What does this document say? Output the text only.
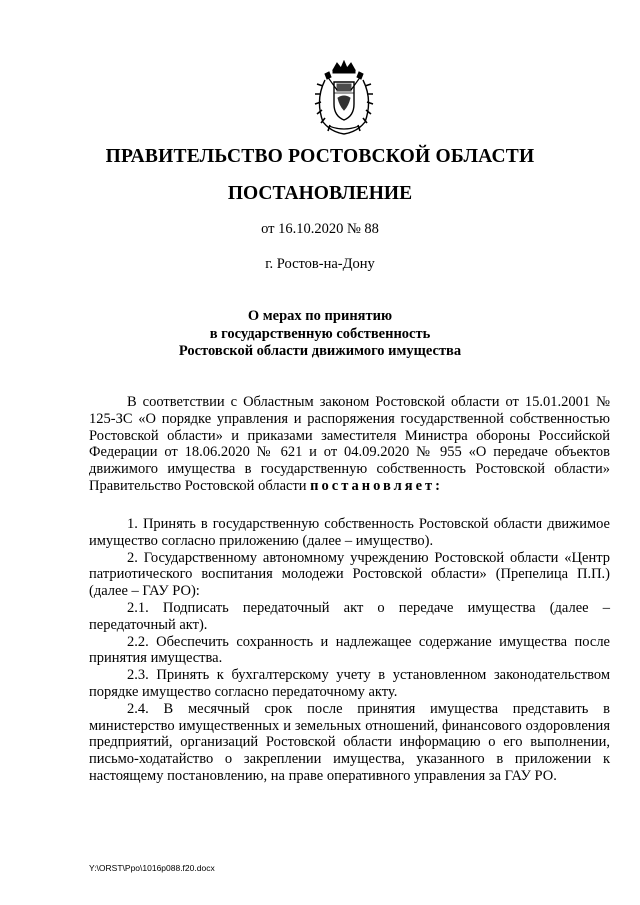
ПРАВИТЕЛЬСТВО РОСТОВСКОЙ ОБЛАСТИ
ПОСТАНОВЛЕНИЕ
от 16.10.2020 № 88
г. Ростов-на-Дону
О мерах по принятию
в государственную собственность
Ростовской области движимого имущества

В соответствии с Областным законом Ростовской области от 15.01.2001 № 125-ЗС «О порядке управления и распоряжения государственной собственностью Ростовской области» и приказами заместителя Министра обороны Российской Федерации от 18.06.2020 № 621 и от 04.09.2020 № 955 «О передаче объектов движимого имущества в государственную собственность Ростовской области» Правительство Ростовской области постановляет:

1. Принять в государственную собственность Ростовской области движимое имущество согласно приложению (далее – имущество).

2. Государственному автономному учреждению Ростовской области «Центр патриотического воспитания молодежи Ростовской области» (Препелица П.П.) (далее – ГАУ РО):

2.1. Подписать передаточный акт о передаче имущества (далее – передаточный акт).

2.2. Обеспечить сохранность и надлежащее содержание имущества после принятия имущества.

2.3. Принять к бухгалтерскому учету в установленном законодательством порядке имущество согласно передаточному акту.

2.4. В месячный срок после принятия имущества представить в министерство имущественных и земельных отношений, финансового оздоровления предприятий, организаций Ростовской области информацию о его выполнении, письмо-ходатайство о закреплении имущества, указанного в приложении к настоящему постановлению, на праве оперативного управления за ГАУ РО.

Y:\ORST\Ppo\1016p088.f20.docx
